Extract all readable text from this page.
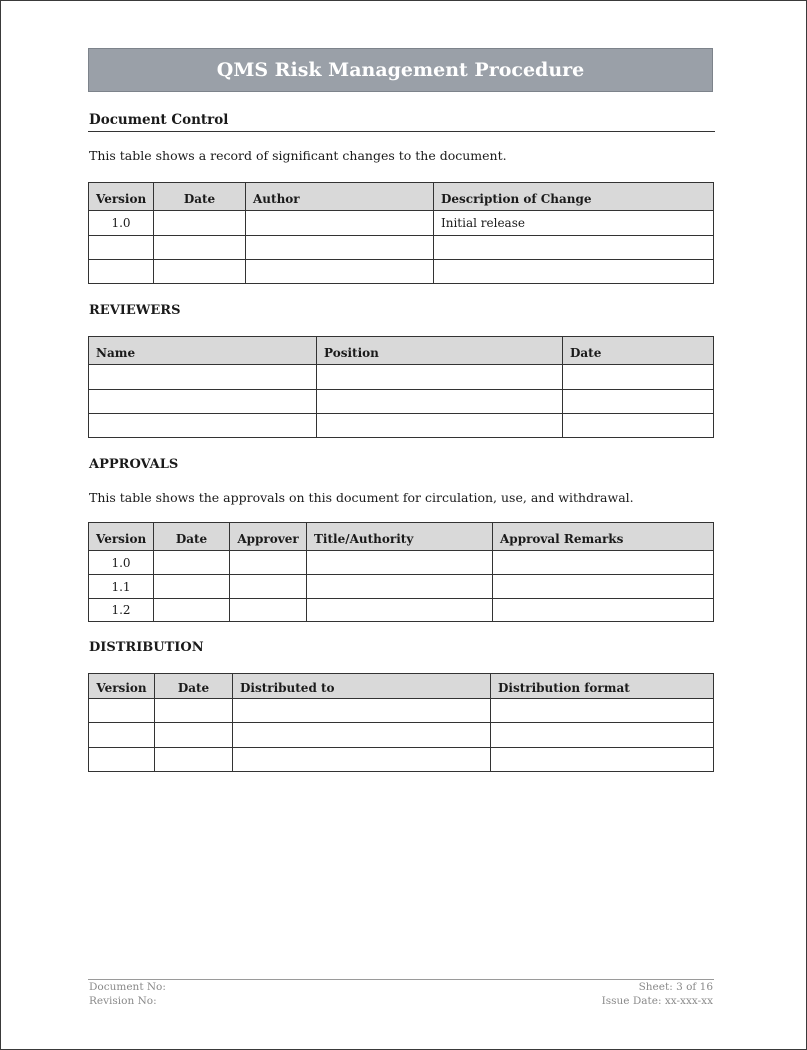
QMS Risk Management Procedure
Document Control
This table shows a record of significant changes to the document.
Version	Date	Author	Description of Change
1.0			Initial release

REVIEWERS
Name	Position	Date

APPROVALS
This table shows the approvals on this document for circulation, use, and withdrawal.
Version	Date	Approver	Title/Authority	Approval Remarks
1.0				
1.1				
1.2				
DISTRIBUTION
Version	Date	Distributed to	Distribution format

Document No:
Revision No:
Sheet: 3 of 16
Issue Date: xx-xxx-xx
